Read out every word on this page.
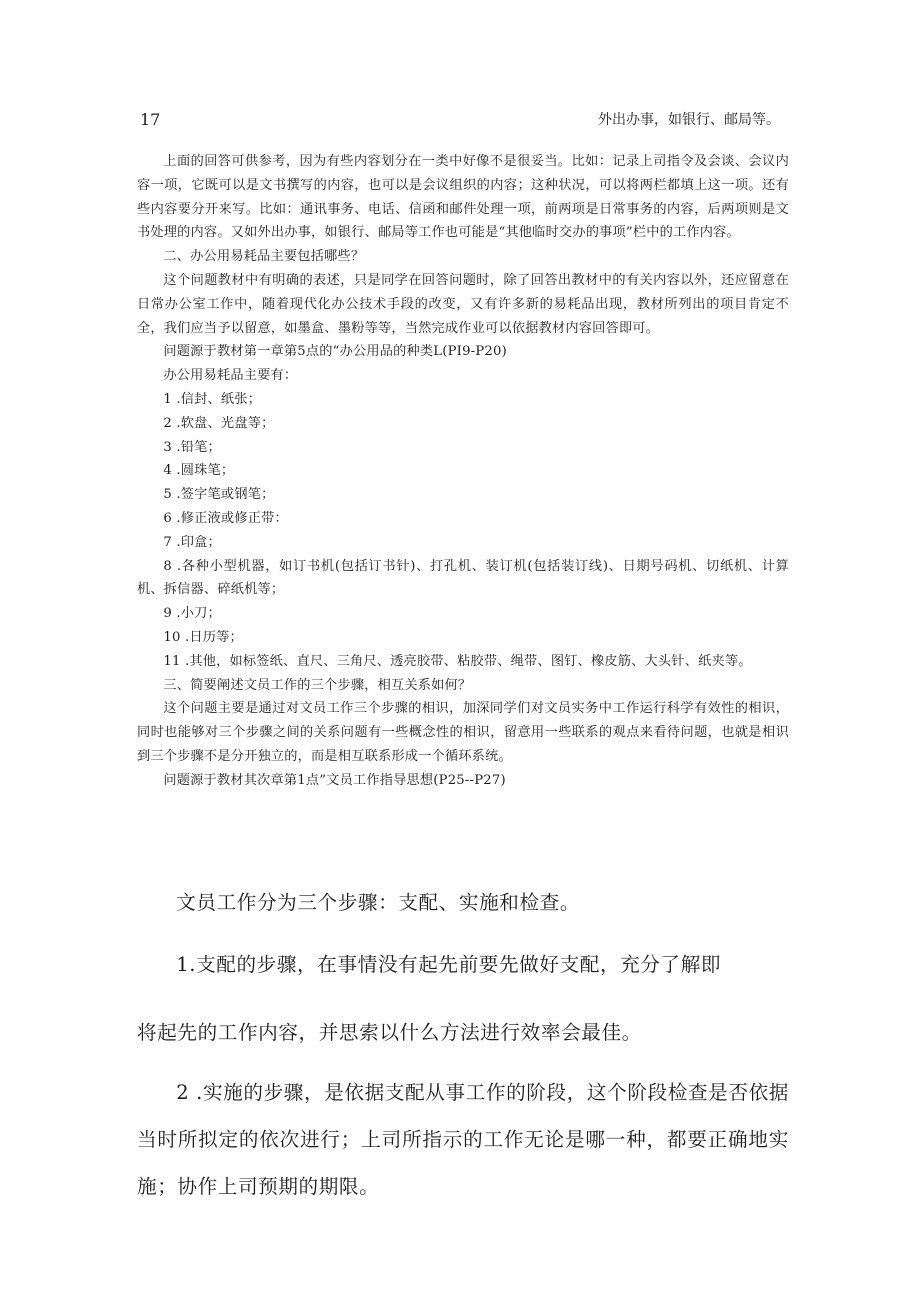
17	外出办事，如银行、邮局等。

上面的回答可供参考，因为有些内容划分在一类中好像不是很妥当。比如：记录上司指令及会谈、会议内容一项，它既可以是文书撰写的内容，也可以是会议组织的内容；这种状况，可以将两栏都填上这一项。还有些内容要分开来写。比如：通讯事务、电话、信函和邮件处理一项，前两项是日常事务的内容，后两项则是文书处理的内容。又如外出办事，如银行、邮局等工作也可能是“其他临时交办的事项”栏中的工作内容。

二、办公用易耗品主要包括哪些？

这个问题教材中有明确的表述，只是同学在回答问题时，除了回答出教材中的有关内容以外，还应留意在日常办公室工作中，随着现代化办公技术手段的改变，又有许多新的易耗品出现，教材所列出的项目肯定不全，我们应当予以留意，如墨盒、墨粉等等，当然完成作业可以依据教材内容回答即可。

问题源于教材第一章第5点的“办公用品的种类L(PI9-P20)

办公用易耗品主要有：

1 .信封、纸张；

2 .软盘、光盘等；

3 .铅笔；

4 .圆珠笔；

5 .签字笔或钢笔；

6 .修正液或修正带：

7 .印盒；

8 .各种小型机器，如订书机(包括订书针)、打孔机、装订机(包括装订线)、日期号码机、切纸机、计算机、拆信器、碎纸机等；

9 .小刀；

10 .日历等；

11 .其他，如标签纸、直尺、三角尺、透亮胶带、粘胶带、绳带、图钉、橡皮筋、大头针、纸夹等。

三、简要阐述文员工作的三个步骤，相互关系如何？

这个问题主要是通过对文员工作三个步骤的相识，加深同学们对文员实务中工作运行科学有效性的相识，同时也能够对三个步骤之间的关系问题有一些概念性的相识，留意用一些联系的观点来看待问题，也就是相识到三个步骤不是分开独立的，而是相互联系形成一个循环系统。

问题源于教材其次章第1点”文员工作指导思想(P25--P27)

文员工作分为三个步骤：支配、实施和检查。

1.支配的步骤，在事情没有起先前要先做好支配，充分了解即

将起先的工作内容，并思索以什么方法进行效率会最佳。

2 .实施的步骤，是依据支配从事工作的阶段，这个阶段检查是否依据当时所拟定的依次进行；上司所指示的工作无论是哪一种，都要正确地实施；协作上司预期的期限。
